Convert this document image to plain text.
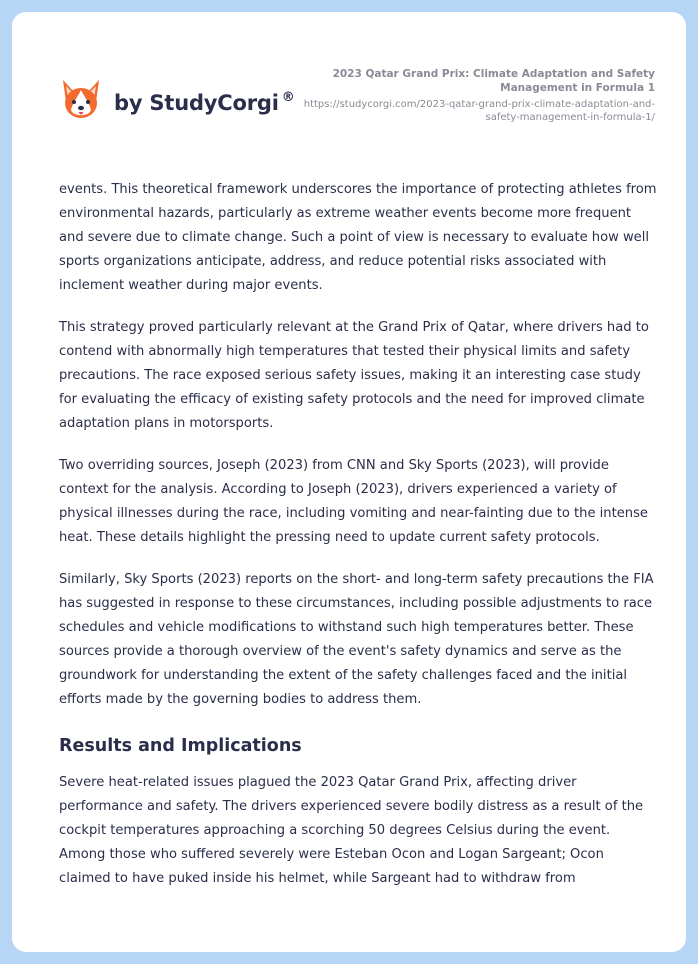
by StudyCorgi ®
2023 Qatar Grand Prix: Climate Adaptation and Safety Management in Formula 1
https://studycorgi.com/2023-qatar-grand-prix-climate-adaptation-and-safety-management-in-formula-1/

events. This theoretical framework underscores the importance of protecting athletes from environmental hazards, particularly as extreme weather events become more frequent and severe due to climate change. Such a point of view is necessary to evaluate how well sports organizations anticipate, address, and reduce potential risks associated with inclement weather during major events.

This strategy proved particularly relevant at the Grand Prix of Qatar, where drivers had to contend with abnormally high temperatures that tested their physical limits and safety precautions. The race exposed serious safety issues, making it an interesting case study for evaluating the efficacy of existing safety protocols and the need for improved climate adaptation plans in motorsports.

Two overriding sources, Joseph (2023) from CNN and Sky Sports (2023), will provide context for the analysis. According to Joseph (2023), drivers experienced a variety of physical illnesses during the race, including vomiting and near-fainting due to the intense heat. These details highlight the pressing need to update current safety protocols.

Similarly, Sky Sports (2023) reports on the short- and long-term safety precautions the FIA has suggested in response to these circumstances, including possible adjustments to race schedules and vehicle modifications to withstand such high temperatures better. These sources provide a thorough overview of the event's safety dynamics and serve as the groundwork for understanding the extent of the safety challenges faced and the initial efforts made by the governing bodies to address them.

Results and Implications

Severe heat-related issues plagued the 2023 Qatar Grand Prix, affecting driver performance and safety. The drivers experienced severe bodily distress as a result of the cockpit temperatures approaching a scorching 50 degrees Celsius during the event. Among those who suffered severely were Esteban Ocon and Logan Sargeant; Ocon claimed to have puked inside his helmet, while Sargeant had to withdraw from
